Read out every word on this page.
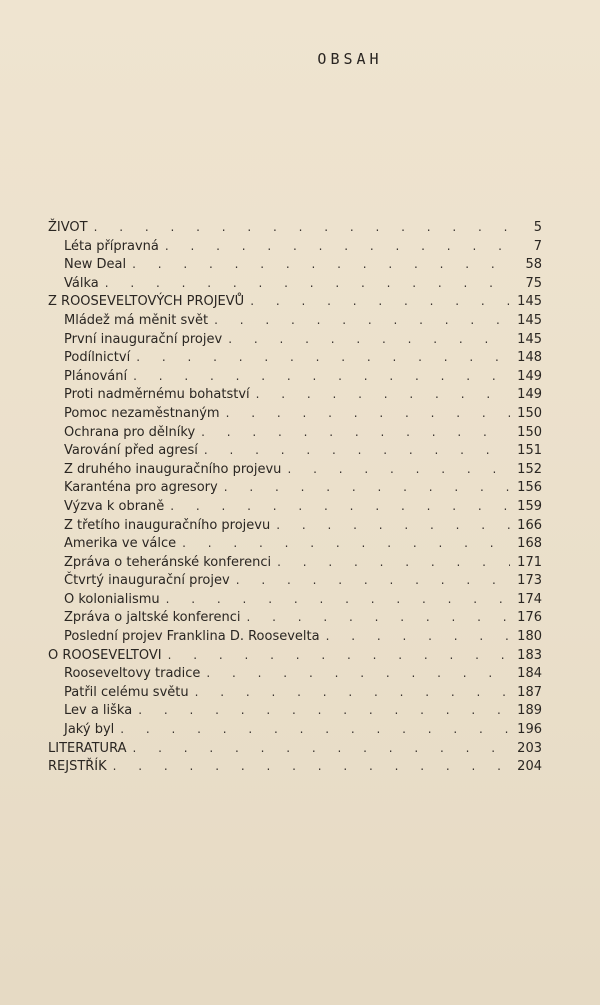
OBSAH
ŽIVOT . . .	5
Léta přípravná . . .	7
New Deal . . .	58
Válka . . .	75
Z ROOSEVELTOVÝCH PROJEVŮ . . .	145
Mládež má měnit svět . . .	145
První inaugurační projev . . .	145
Podílnictví . . .	148
Plánování . . .	149
Proti nadměrnému bohatství . . .	149
Pomoc nezaměstnaným . . .	150
Ochrana pro dělníky . . .	150
Varování před agresí . . .	151
Z druhého inauguračního projevu . . .	152
Karanténa pro agresory . . .	156
Výzva k obraně . . .	159
Z třetího inauguračního projevu . . .	166
Amerika ve válce . . .	168
Zpráva o teheránské konferenci . . .	171
Čtvrtý inaugurační projev . . .	173
O kolonialismu . . .	174
Zpráva o jaltské konferenci . . .	176
Poslední projev Franklina D. Roosevelta . . .	180
O ROOSEVELTOVI . . .	183
Rooseveltovy tradice . . .	184
Patřil celému světu . . .	187
Lev a liška . . .	189
Jaký byl . . .	196
LITERATURA . . .	203
REJSTŘÍK . . .	204
